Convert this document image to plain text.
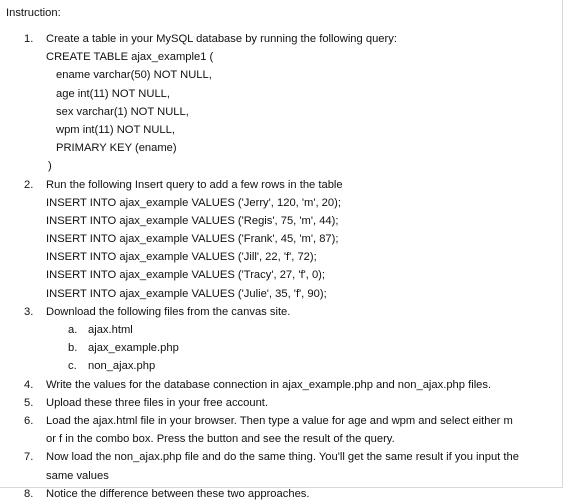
Instruction:

1.	Create a table in your MySQL database by running the following query:
CREATE TABLE ajax_example1 (
ename varchar(50) NOT NULL,
age int(11) NOT NULL,
sex varchar(1) NOT NULL,
wpm int(11) NOT NULL,
PRIMARY KEY (ename)
)
2.	Run the following Insert query to add a few rows in the table
INSERT INTO ajax_example VALUES ('Jerry', 120, 'm', 20);
INSERT INTO ajax_example VALUES ('Regis', 75, 'm', 44);
INSERT INTO ajax_example VALUES ('Frank', 45, 'm', 87);
INSERT INTO ajax_example VALUES ('Jill', 22, 'f', 72);
INSERT INTO ajax_example VALUES ('Tracy', 27, 'f', 0);
INSERT INTO ajax_example VALUES ('Julie', 35, 'f', 90);
3.	Download the following files from the canvas site.
a. ajax.html
b. ajax_example.php
c. non_ajax.php
4.	Write the values for the database connection in ajax_example.php and non_ajax.php files.
5.	Upload these three files in your free account.
6.	Load the ajax.html file in your browser. Then type a value for age and wpm and select either m
or f in the combo box. Press the button and see the result of the query.
7.	Now load the non_ajax.php file and do the same thing. You'll get the same result if you input the
same values
8.	Notice the difference between these two approaches.
